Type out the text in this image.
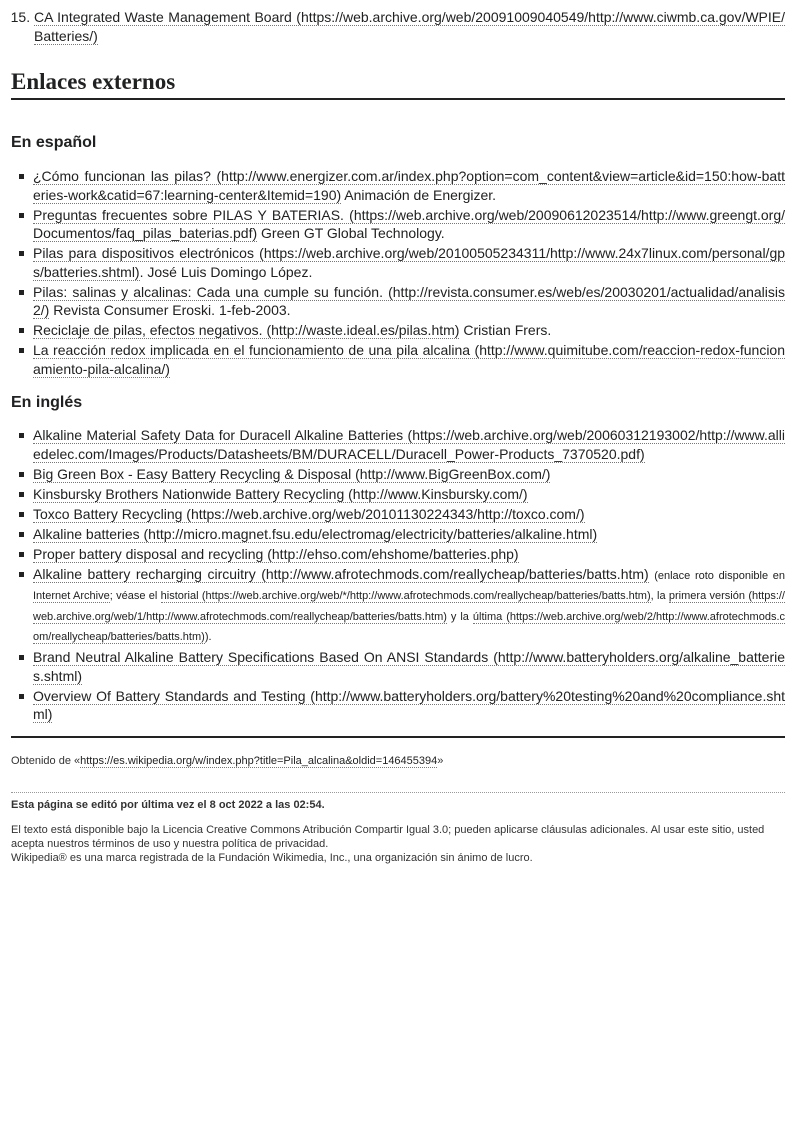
15. CA Integrated Waste Management Board (https://web.archive.org/web/20091009040549/http://www.ciwmb.ca.gov/WPIE/Batteries/)
Enlaces externos
En español
¿Cómo funcionan las pilas? (http://www.energizer.com.ar/index.php?option=com_content&view=article&id=150:how-batteries-work&catid=67:learning-center&Itemid=190) Animación de Energizer.
Preguntas frecuentes sobre PILAS Y BATERIAS. (https://web.archive.org/web/20090612023514/http://www.greengt.org/Documentos/faq_pilas_baterias.pdf) Green GT Global Technology.
Pilas para dispositivos electrónicos (https://web.archive.org/web/20100505234311/http://www.24x7linux.com/personal/gps/batteries.shtml). José Luis Domingo López.
Pilas: salinas y alcalinas: Cada una cumple su función. (http://revista.consumer.es/web/es/20030201/actualidad/analisis2/) Revista Consumer Eroski. 1-feb-2003.
Reciclaje de pilas, efectos negativos. (http://waste.ideal.es/pilas.htm) Cristian Frers.
La reacción redox implicada en el funcionamiento de una pila alcalina (http://www.quimitube.com/reaccion-redox-funcionamiento-pila-alcalina/)
En inglés
Alkaline Material Safety Data for Duracell Alkaline Batteries (https://web.archive.org/web/20060312193002/http://www.alliedelec.com/Images/Products/Datasheets/BM/DURACELL/Duracell_Power-Products_7370520.pdf)
Big Green Box - Easy Battery Recycling & Disposal (http://www.BigGreenBox.com/)
Kinsbursky Brothers Nationwide Battery Recycling (http://www.Kinsbursky.com/)
Toxco Battery Recycling (https://web.archive.org/web/20101130224343/http://toxco.com/)
Alkaline batteries (http://micro.magnet.fsu.edu/electromag/electricity/batteries/alkaline.html)
Proper battery disposal and recycling (http://ehso.com/ehshome/batteries.php)
Alkaline battery recharging circuitry (http://www.afrotechmods.com/reallycheap/batteries/batts.htm) (enlace roto disponible en Internet Archive; véase el historial (https://web.archive.org/web/*/http://www.afrotechmods.com/reallycheap/batteries/batts.htm), la primera versión (https://web.archive.org/web/1/http://www.afrotechmods.com/reallycheap/batteries/batts.htm) y la última (https://web.archive.org/web/2/http://www.afrotechmods.com/reallycheap/batteries/batts.htm)).
Brand Neutral Alkaline Battery Specifications Based On ANSI Standards (http://www.batteryholders.org/alkaline_batteries.shtml)
Overview Of Battery Standards and Testing (http://www.batteryholders.org/battery%20testing%20and%20compliance.shtml)
Obtenido de «https://es.wikipedia.org/w/index.php?title=Pila_alcalina&oldid=146455394»
Esta página se editó por última vez el 8 oct 2022 a las 02:54.
El texto está disponible bajo la Licencia Creative Commons Atribución Compartir Igual 3.0; pueden aplicarse cláusulas adicionales. Al usar este sitio, usted acepta nuestros términos de uso y nuestra política de privacidad.
Wikipedia® es una marca registrada de la Fundación Wikimedia, Inc., una organización sin ánimo de lucro.
